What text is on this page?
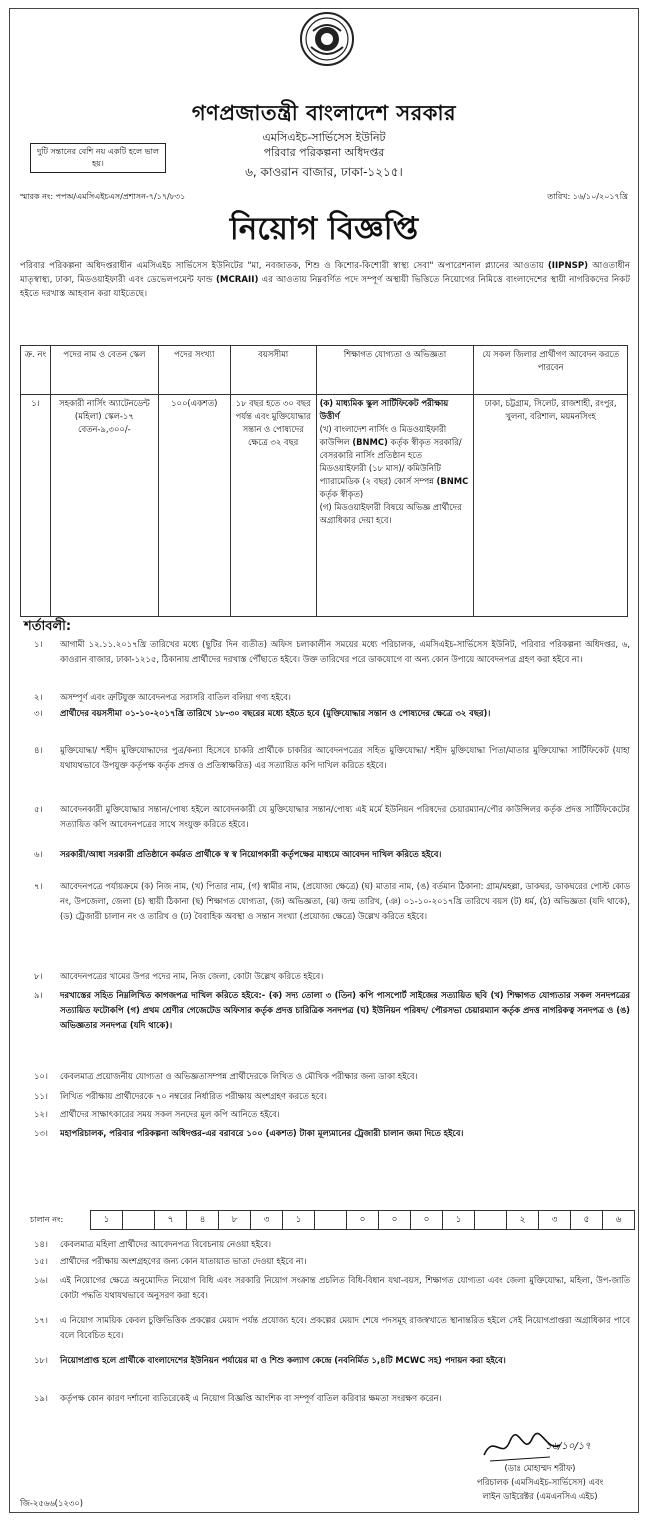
গণপ্রজাতন্ত্রী বাংলাদেশ সরকার
এমসিএইচ-সার্ভিসেস ইউনিট
পরিবার পরিকল্পনা অধিদপ্তর
৬, কাওরান বাজার, ঢাকা-১২১৫।
দুটি সন্তানের বেশি নয় একটি হলে ভাল হয়।
স্মারক নং: পপঅ/এমসিএইচএস/প্রশাসন-৭/১৭/৮৩১	তারিখ: ১৬/১০/২০১৭খ্রি
নিয়োগ বিজ্ঞপ্তি
পরিবার পরিকল্পনা অধিদপ্তরাধীন এমসিএইচ সার্ভিসেস ইউনিটের "মা, নবজাতক, শিশু ও কিশোর-কিশোরী স্বাস্থ্য সেবা" অপারেশনাল প্ল্যানের আওতায় (IIPNSP) আওতাধীন মাতৃস্বাস্থ্য, ঢাকা, মিডওয়াইফারী এবং ডেভেলপমেন্ট ফান্ড (MCRAII) এর আওতায় নিম্নবর্ণিত পদে সম্পূর্ণ অস্থায়ী ভিত্তিতে নিয়োগের নিমিত্তে বাংলাদেশের স্থায়ী নাগরিকদের নিকট হইতে দরখাস্ত আহবান করা যাইতেছে।
ক্র. নং	পদের নাম ও বেতন স্কেল	পদের সংখ্যা	বয়সসীমা	শিক্ষাগত যোগ্যতা ও অভিজ্ঞতা	যে সকল জিলার প্রার্থীগণ আবেদন করতে পারবেন
১।	সহকারী নার্সিং অ্যাটেনডেন্ট (মহিলা) স্কেল-১৭ বেতন-৯,৩০০/-	১০০(একশত)	১৮ বছর হতে ৩০ বছর পর্যন্ত এবং মুক্তিযোদ্ধার সন্তান ও পোষ্যদের ক্ষেত্রে ৩২ বছর	(ক) মাধ্যমিক স্কুল সার্টিফিকেট পরীক্ষায় উত্তীর্ণ
(খ) বাংলাদেশ নার্সিং ও মিডওয়াইফারী কাউন্সিল (BNMC) কর্তৃক স্বীকৃত সরকারি/বেসরকারি নার্সিং প্রতিষ্ঠান হতে মিডওয়াইফারী (১৮ মাস)/ কমিউনিটি প্যারামেডিক (২ বছর) কোর্স সম্পন্ন (BNMC কর্তৃক স্বীকৃত)
(গ) মিডওয়াইফারী বিষয়ে অভিজ্ঞ প্রার্থীদের অগ্রাধিকার দেয়া হবে।	ঢাকা, চট্টগ্রাম, সিলেট, রাজশাহী, রংপুর, খুলনা, বরিশাল, ময়মনসিংহ
শর্তাবলী:
১। আগামী ১২.১১.২০১৭খ্রি তারিখের মধ্যে (ছুটির দিন ব্যতীত) অফিস চলাকালীন সময়ের মধ্যে পরিচালক, এমসিএইচ-সার্ভিসেস ইউনিট, পরিবার পরিকল্পনা অধিদপ্তর, ৬, কাওরান বাজার, ঢাকা-১২১৫, ঠিকানায় প্রার্থীদের দরখাস্ত পৌঁছাতে হইবে। উক্ত তারিখের পরে ডাকযোগে বা অন্য কোন উপায়ে আবেদনপত্র গ্রহণ করা হইবে না।
২। অসম্পূর্ণ এবং ত্রুটিযুক্ত আবেদনপত্র সরাসরি বাতিল বলিয়া গণ্য হইবে।
৩। প্রার্থীদের বয়সসীমা ০১-১০-২০১৭খ্রি তারিখে ১৮-৩০ বছরের মধ্যে হইতে হবে (মুক্তিযোদ্ধার সন্তান ও পোষ্যদের ক্ষেত্রে ৩২ বছর)।
৪। মুক্তিযোদ্ধা/ শহীদ মুক্তিযোদ্ধাদের পুত্র/কন্যা হিসেবে চাকরি প্রার্থীকে চাকরির আবেদনপত্রের সহিত মুক্তিযোদ্ধা/ শহীদ মুক্তিযোদ্ধা পিতা/মাতার মুক্তিযোদ্ধা সার্টিফিকেট (যাহা যথাযথভাবে উপযুক্ত কর্তৃপক্ষ কর্তৃক প্রদত্ত ও প্রতিস্বাক্ষরিত) এর সত্যায়িত কপি দাখিল করিতে হইবে।
৫। আবেদনকারী মুক্তিযোদ্ধার সন্তান/পোষ্য হইলে আবেদনকারী যে মুক্তিযোদ্ধার সন্তান/পোষ্য এই মর্মে ইউনিয়ন পরিষদের চেয়ারম্যান/পৌর কাউন্সিলর কর্তৃক প্রদত্ত সার্টিফিকেটের সত্যায়িত কপি আবেদনপত্রের সাথে সংযুক্ত করিতে হইবে।
৬। সরকারী/আধা সরকারী প্রতিষ্ঠানে কর্মরত প্রার্থীকে স্ব স্ব নিয়োগকারী কর্তৃপক্ষের মাধ্যমে আবেদন দাখিল করিতে হইবে।
৭। আবেদনপত্রে পর্যায়ক্রমে (ক) নিজ নাম, (খ) পিতার নাম, (গ) স্বামীর নাম, (প্রযোজ্য ক্ষেত্রে) (ঘ) মাতার নাম, (ঙ) বর্তমান ঠিকানা: গ্রাম/মহল্লা, ডাকঘর, ডাকঘরের পোস্ট কোড নং, উপজেলা, জেলা (চ) স্থায়ী ঠিকানা (ছ) শিক্ষাগত যোগ্যতা, (জ) অভিজ্ঞতা, (ঝ) জন্ম তারিখ, (ঞ) ০১-১০-২০১৭খ্রি তারিখে বয়স (ট) ধর্ম, (ঠ) অভিজ্ঞতা (যদি থাকে), (ড) ট্রেজারী চালান নং ও তারিখ ও (ঢ) বৈবাহিক অবস্থা ও সন্তান সংখ্যা (প্রযোজ্য ক্ষেত্রে) উল্লেখ করিতে হইবে।
৮। আবেদনপত্রের খামের উপর পদের নাম, নিজ জেলা, কোটা উল্লেখ করিতে হইবে।
৯। দরখাস্তের সহিত নিম্নলিখিত কাগজপত্র দাখিল করিতে হইবে:- (ক) সদ্য তোলা ৩ (তিন) কপি পাসপোর্ট সাইজের সত্যায়িত ছবি (খ) শিক্ষাগত যোগ্যতার সকল সনদপত্রের সত্যায়িত ফটোকপি (গ) প্রথম শ্রেণীর গেজেটেড অফিসার কর্তৃক প্রদত্ত চারিত্রিক সনদপত্র (ঘ) ইউনিয়ন পরিষদ/ পৌরসভা চেয়ারম্যান কর্তৃক প্রদত্ত নাগরিকত্ব সনদপত্র ও (ঙ) অভিজ্ঞতার সনদপত্র (যদি থাকে)।
১০। কেবলমাত্র প্রয়োজনীয় যোগ্যতা ও অভিজ্ঞতাসম্পন্ন প্রার্থীদেরকে লিখিত ও মৌখিক পরীক্ষার জন্য ডাকা হইবে।
১১। লিখিত পরীক্ষায় প্রার্থীদেরকে ৭০ নম্বরের নির্ধারিত পরীক্ষায় অংশগ্রহণ করতে হবে।
১২। প্রার্থীদের সাক্ষাৎকারের সময় সকল সনদের মূল কপি আনিতে হইবে।
১৩। মহাপরিচালক, পরিবার পরিকল্পনা অধিদপ্তর-এর বরাবরে ১০০ (একশত) টাকা মূল্যমানের ট্রেজারী চালান জমা দিতে হইবে।
চালান নং:	১	৭	৪	৮	৩	১	০	০	০	১	২	৩	৫	৬
১৪। কেবলমাত্র মহিলা প্রার্থীদের আবেদনপত্র বিবেচনায় নেওয়া হইবে।
১৫। প্রার্থীদের পরীক্ষায় অংশগ্রহণের জন্য কোন যাতায়াত ভাতা দেওয়া হইবে না।
১৬। এই নিয়োগের ক্ষেত্রে অনুমোদিত নিয়োগ বিধি এবং সরকারি নিয়োগ সংক্রান্ত প্রচলিত বিধি-বিধান যথা-বয়স, শিক্ষাগত যোগ্যতা এবং জেলা মুক্তিযোদ্ধা, মহিলা, উপ-জাতি কোটা পদ্ধতি যথাযথভাবে অনুসরণ করা হবে।
১৭। এ নিয়োগ সাময়িক কেবল চুক্তিভিত্তিক প্রকল্পের মেয়াদ পর্যন্ত প্রযোজ্য হবে। প্রকল্পের মেয়াদ শেষে পদসমূহ রাজস্বখাতে স্থানান্তরিত হইলে সেই নিয়োগপ্রাপ্তরা অগ্রাধিকার পাবে বলে বিবেচিত হবে।
১৮। নিয়োগপ্রাপ্ত হলে প্রার্থীকে বাংলাদেশের ইউনিয়ন পর্যায়ের মা ও শিশু কল্যাণ কেন্দ্রে (নবনির্মিত ১,৪টি MCWC সহ) পদায়ন করা হইবে।
১৯। কর্তৃপক্ষ কোন কারণ দর্শানো ব্যতিরেকেই এ নিয়োগ বিজ্ঞপ্তি আংশিক বা সম্পূর্ণ বাতিল করিবার ক্ষমতা সংরক্ষণ করেন।
১৬/১০/১৭
(ডাঃ মোহাম্মদ শরীফ)
পরিচালক (এমসিএইচ-সার্ভিসেস) এবং
লাইন ডাইরেক্টর (এমএনসিএ এইচ)
জি-২৫৬৬(১২৩০)
